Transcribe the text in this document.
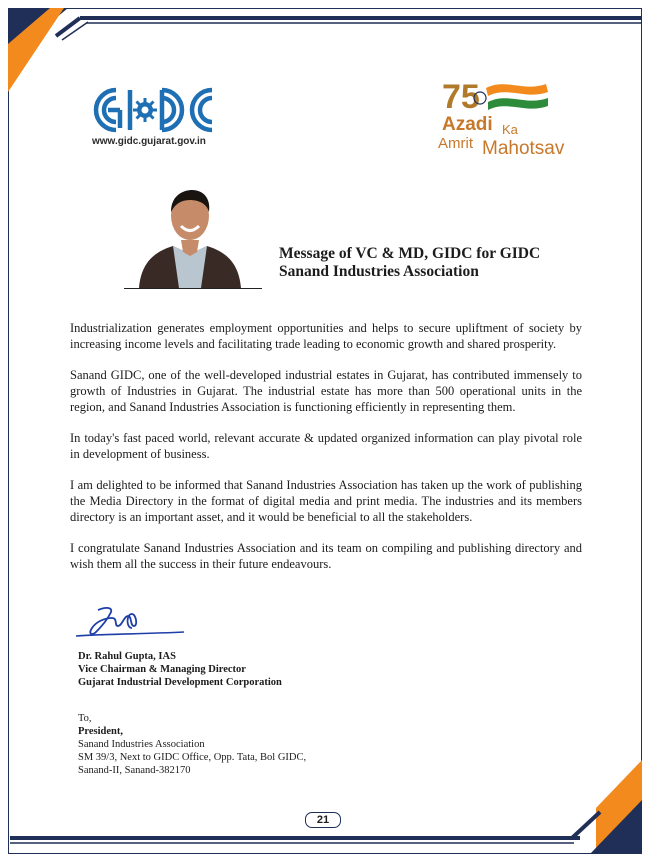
www.gidc.gujarat.gov.in
75
Azadi Ka
Amrit Mahotsav
Message of VC & MD, GIDC for GIDC
Sanand Industries Association

Industrialization generates employment opportunities and helps to secure upliftment of society by increasing income levels and facilitating trade leading to economic growth and shared prosperity.

Sanand GIDC, one of the well-developed industrial estates in Gujarat, has contributed immensely to growth of Industries in Gujarat. The industrial estate has more than 500 operational units in the region, and Sanand Industries Association is functioning efficiently in representing them.

In today's fast paced world, relevant accurate & updated organized information can play pivotal role in development of business.

I am delighted to be informed that Sanand Industries Association has taken up the work of publishing the Media Directory in the format of digital media and print media. The industries and its members directory is an important asset, and it would be beneficial to all the stakeholders.

I congratulate Sanand Industries Association and its team on compiling and publishing directory and wish them all the success in their future endeavours.

Dr. Rahul Gupta, IAS
Vice Chairman & Managing Director
Gujarat Industrial Development Corporation
To,
President,
Sanand Industries Association
SM 39/3, Next to GIDC Office, Opp. Tata, Bol GIDC,
Sanand-II, Sanand-382170
21
